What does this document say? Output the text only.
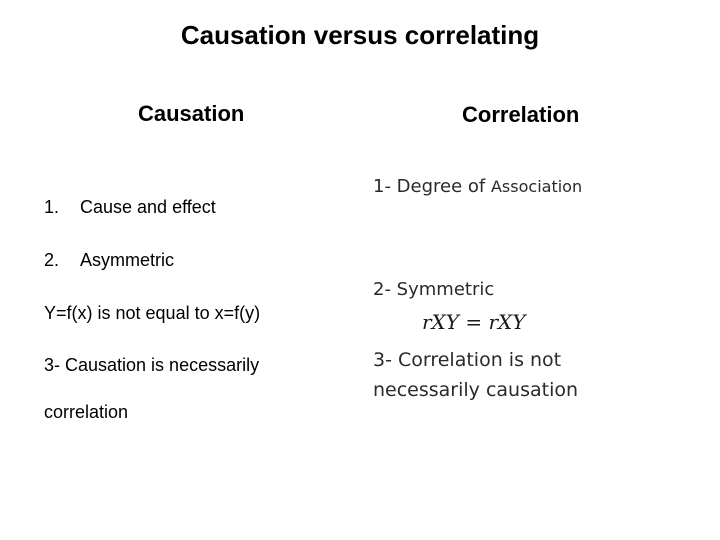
Causation versus correlating
Causation	Correlation

1. Cause and effect

2. Asymmetric

Y=f(x) is not equal to x=f(y)

3- Causation is necessarily

correlation

1- Degree of Association

2- Symmetric

rXY = rXY

3- Correlation is not
necessarily causation
